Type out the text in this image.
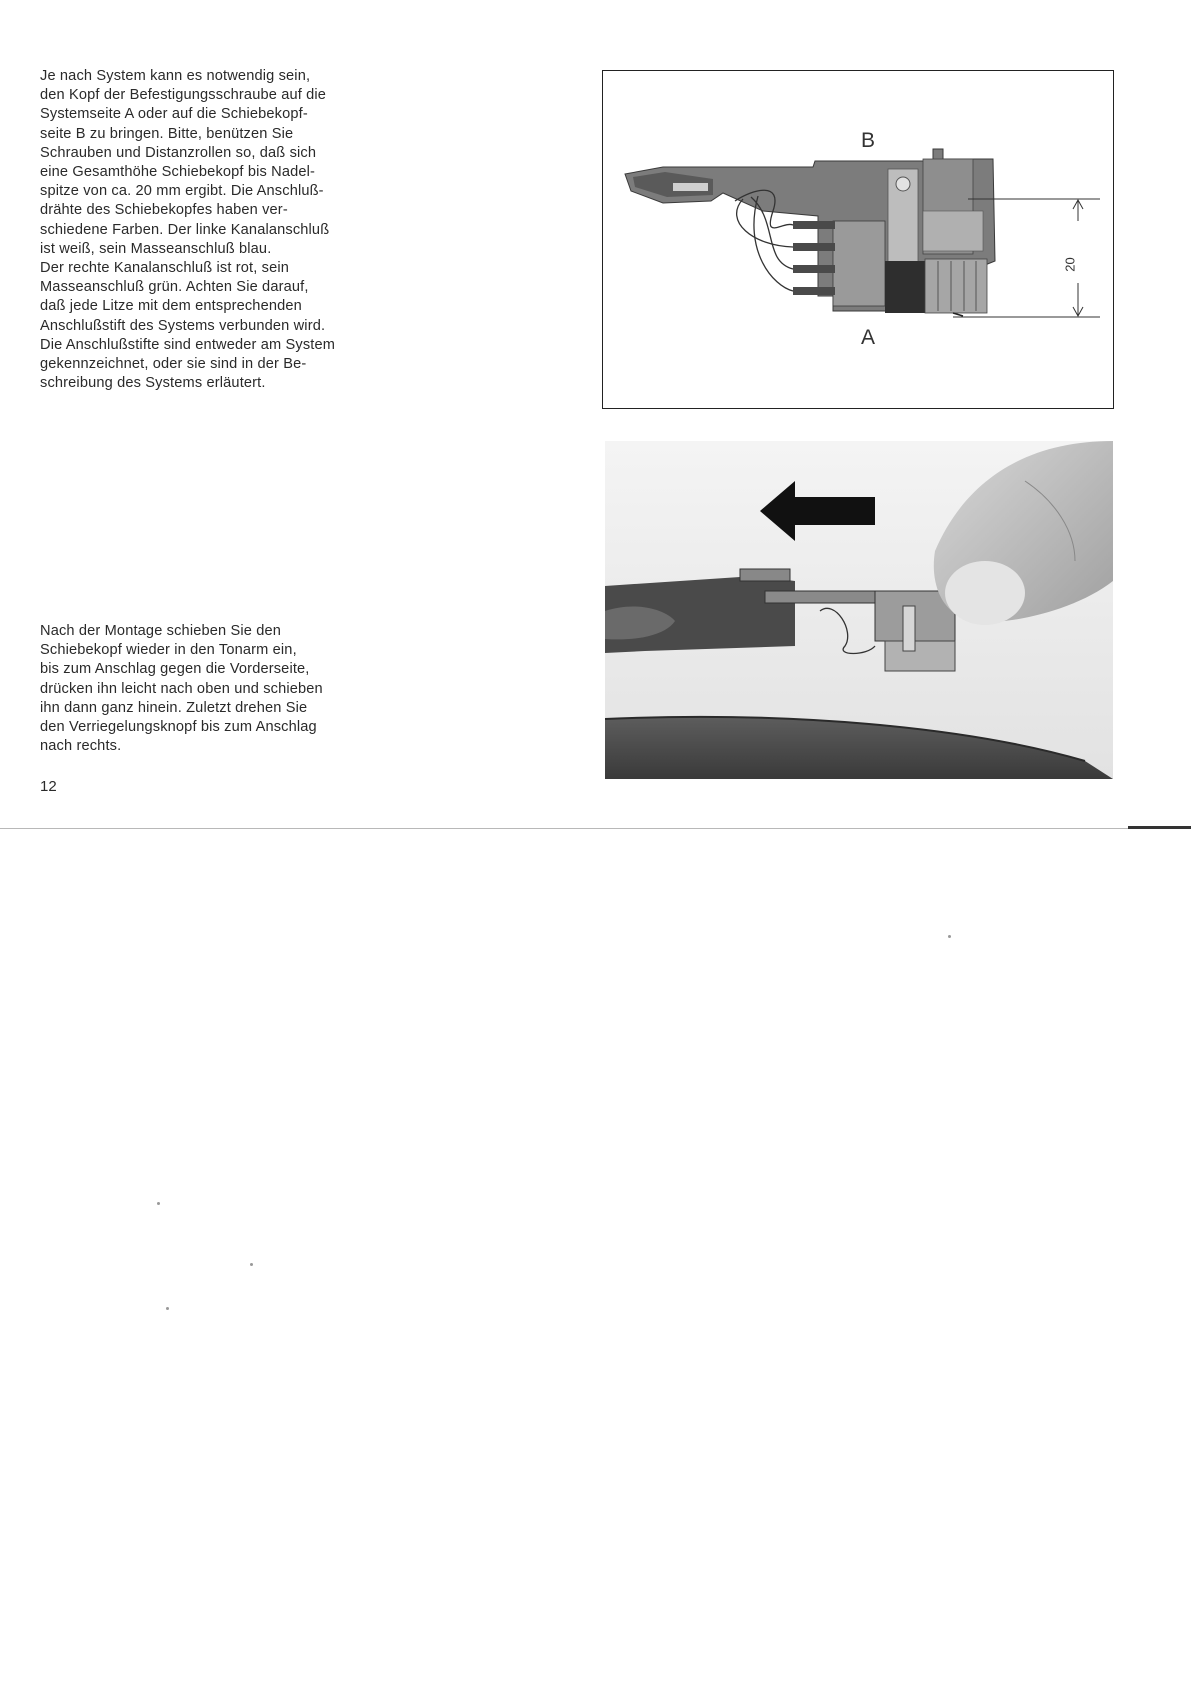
Je nach System kann es notwendig sein,
den Kopf der Befestigungsschraube auf die
Systemseite A oder auf die Schiebekopf-
seite B zu bringen. Bitte, benützen Sie
Schrauben und Distanzrollen so, daß sich
eine Gesamthöhe Schiebekopf bis Nadel-
spitze von ca. 20 mm ergibt. Die Anschluß-
drähte des Schiebekopfes haben ver-
schiedene Farben. Der linke Kanalanschluß
ist weiß, sein Masseanschluß blau.
Der rechte Kanalanschluß ist rot, sein
Masseanschluß grün. Achten Sie darauf,
daß jede Litze mit dem entsprechenden
Anschlußstift des Systems verbunden wird.
Die Anschlußstifte sind entweder am System
gekennzeichnet, oder sie sind in der Be-
schreibung des Systems erläutert.
Nach der Montage schieben Sie den
Schiebekopf wieder in den Tonarm ein,
bis zum Anschlag gegen die Vorderseite,
drücken ihn leicht nach oben und schieben
ihn dann ganz hinein. Zuletzt drehen Sie
den Verriegelungsknopf bis zum Anschlag
nach rechts.
12
B
A
20
